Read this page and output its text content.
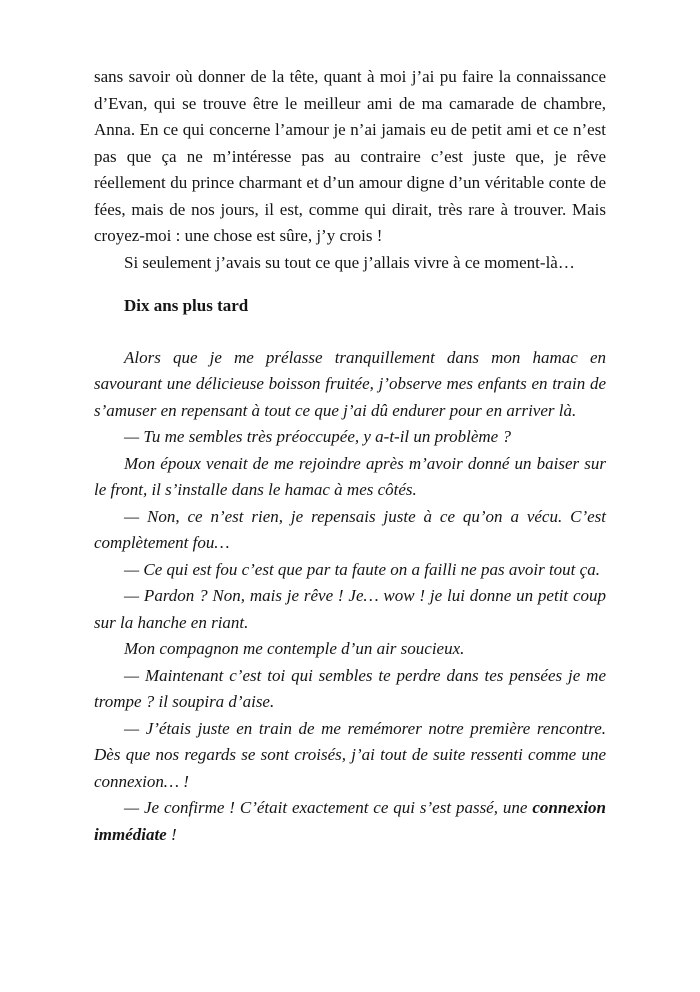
sans savoir où donner de la tête, quant à moi j’ai pu faire la connaissance d’Evan, qui se trouve être le meilleur ami de ma camarade de chambre, Anna. En ce qui concerne l’amour je n’ai jamais eu de petit ami et ce n’est pas que ça ne m’intéresse pas au contraire c’est juste que, je rêve réellement du prince charmant et d’un amour digne d’un véritable conte de fées, mais de nos jours, il est, comme qui dirait, très rare à trouver. Mais croyez-moi : une chose est sûre, j’y crois !

Si seulement j’avais su tout ce que j’allais vivre à ce moment-là…

Dix ans plus tard

Alors que je me prélasse tranquillement dans mon hamac en savourant une délicieuse boisson fruitée, j’observe mes enfants en train de s’amuser en repensant à tout ce que j’ai dû endurer pour en arriver là.

— Tu me sembles très préoccupée, y a-t-il un problème ?

Mon époux venait de me rejoindre après m’avoir donné un baiser sur le front, il s’installe dans le hamac à mes côtés.

— Non, ce n’est rien, je repensais juste à ce qu’on a vécu. C’est complètement fou…

— Ce qui est fou c’est que par ta faute on a failli ne pas avoir tout ça.

— Pardon ? Non, mais je rêve ! Je… wow ! je lui donne un petit coup sur la hanche en riant.

Mon compagnon me contemple d’un air soucieux.

— Maintenant c’est toi qui sembles te perdre dans tes pensées je me trompe ? il soupira d’aise.

— J’étais juste en train de me remémorer notre première rencontre. Dès que nos regards se sont croisés, j’ai tout de suite ressenti comme une connexion… !

— Je confirme ! C’était exactement ce qui s’est passé, une connexion immédiate !
